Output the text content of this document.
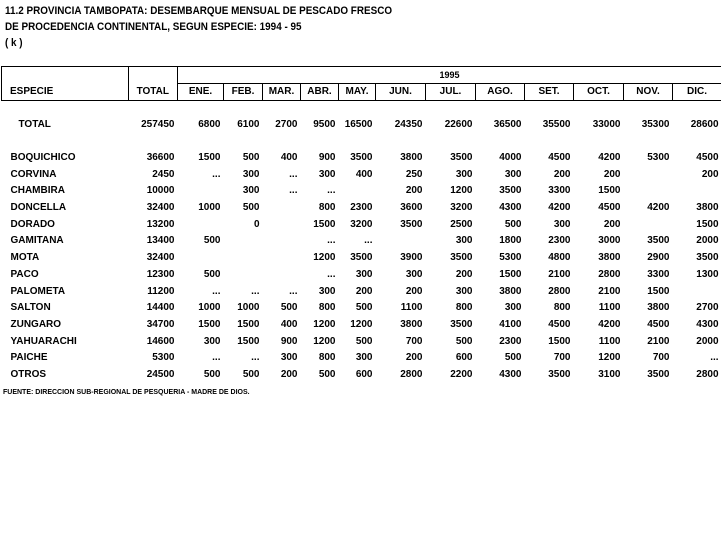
11.2 PROVINCIA TAMBOPATA: DESEMBARQUE MENSUAL DE PESCADO FRESCO
DE PROCEDENCIA CONTINENTAL, SEGUN ESPECIE: 1994 - 95
( k )
ESPECIE	TOTAL	1995											
		ENE.	FEB.	MAR.	ABR.	MAY.	JUN.	JUL.	AGO.	SET.	OCT.	NOV.	DIC.

TOTAL	257450	6800	6100	2700	9500	16500	24350	22600	36500	35500	33000	35300	28600

BOQUICHICO	36600	1500	500	400	900	3500	3800	3500	4000	4500	4200	5300	4500
CORVINA	2450	...	300	...	300	400	250	300	300	200	200		200
CHAMBIRA	10000		300	...	...		200	1200	3500	3300	1500		
DONCELLA	32400	1000	500		800	2300	3600	3200	4300	4200	4500	4200	3800
DORADO	13200		0		1500	3200	3500	2500	500	300	200		1500
GAMITANA	13400	500			...	...		300	1800	2300	3000	3500	2000
MOTA	32400				1200	3500	3900	3500	5300	4800	3800	2900	3500
PACO	12300	500			...	300	300	200	1500	2100	2800	3300	1300
PALOMETA	11200	...	...	...	300	200	200	300	3800	2800	2100	1500	
SALTON	14400	1000	1000	500	800	500	1100	800	300	800	1100	3800	2700
ZUNGARO	34700	1500	1500	400	1200	1200	3800	3500	4100	4500	4200	4500	4300
YAHUARACHI	14600	300	1500	900	1200	500	700	500	2300	1500	1100	2100	2000
PAICHE	5300	...	...	300	800	300	200	600	500	700	1200	700	...
OTROS	24500	500	500	200	500	600	2800	2200	4300	3500	3100	3500	2800
FUENTE: DIRECCION SUB-REGIONAL DE PESQUERIA - MADRE DE DIOS.
